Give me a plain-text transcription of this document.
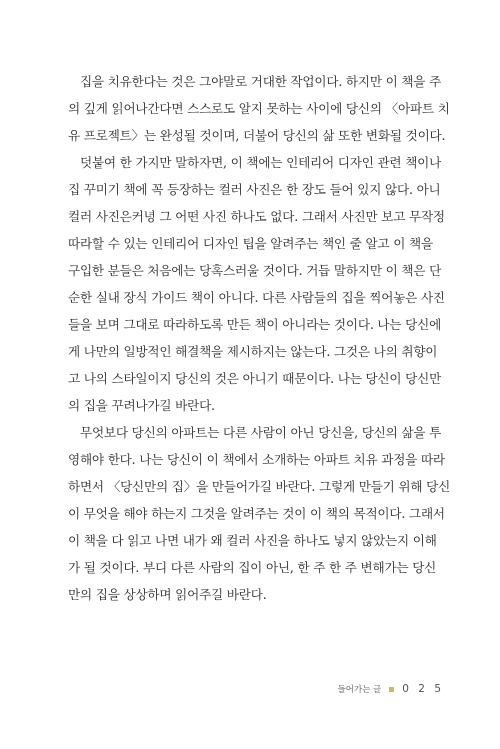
집을 치유한다는 것은 그야말로 거대한 작업이다. 하지만 이 책을 주
의 깊게 읽어나간다면 스스로도 알지 못하는 사이에 당신의 〈아파트 치
유 프로젝트〉는 완성될 것이며, 더불어 당신의 삶 또한 변화될 것이다.
덧붙여 한 가지만 말하자면, 이 책에는 인테리어 디자인 관련 책이나
집 꾸미기 책에 꼭 등장하는 컬러 사진은 한 장도 들어 있지 않다. 아니
컬러 사진은커녕 그 어떤 사진 하나도 없다. 그래서 사진만 보고 무작정
따라할 수 있는 인테리어 디자인 팁을 알려주는 책인 줄 알고 이 책을
구입한 분들은 처음에는 당혹스러울 것이다. 거듭 말하지만 이 책은 단
순한 실내 장식 가이드 책이 아니다. 다른 사람들의 집을 찍어놓은 사진
들을 보며 그대로 따라하도록 만든 책이 아니라는 것이다. 나는 당신에
게 나만의 일방적인 해결책을 제시하지는 않는다. 그것은 나의 취향이
고 나의 스타일이지 당신의 것은 아니기 때문이다. 나는 당신이 당신만
의 집을 꾸려나가길 바란다.
무엇보다 당신의 아파트는 다른 사람이 아닌 당신을, 당신의 삶을 투
영해야 한다. 나는 당신이 이 책에서 소개하는 아파트 치유 과정을 따라
하면서 〈당신만의 집〉을 만들어가길 바란다. 그렇게 만들기 위해 당신
이 무엇을 해야 하는지 그것을 알려주는 것이 이 책의 목적이다. 그래서
이 책을 다 읽고 나면 내가 왜 컬러 사진을 하나도 넣지 않았는지 이해
가 될 것이다. 부디 다른 사람의 집이 아닌, 한 주 한 주 변해가는 당신
만의 집을 상상하며 읽어주길 바란다.
들어가는 글 0 2 5
